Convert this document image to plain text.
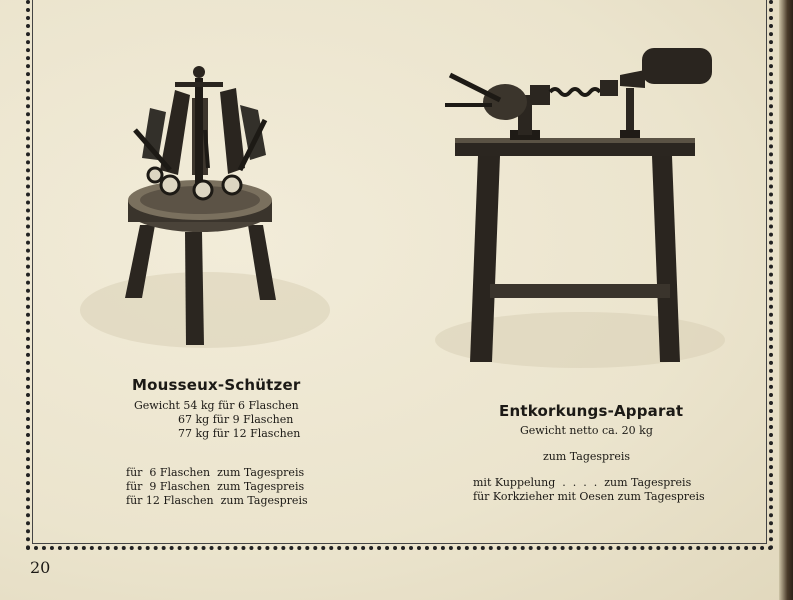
Mousseux-Schützer
Gewicht 54 kg für 6 Flaschen
67 kg für 9 Flaschen
77 kg für 12 Flaschen
für  6 Flaschen  zum Tagespreis
für  9 Flaschen  zum Tagespreis
für 12 Flaschen  zum Tagespreis
Entkorkungs-Apparat
Gewicht netto ca. 20 kg
zum Tagespreis
mit Kuppelung  .  .  .  .  zum Tagespreis
für Korkzieher mit Oesen zum Tagespreis
20
